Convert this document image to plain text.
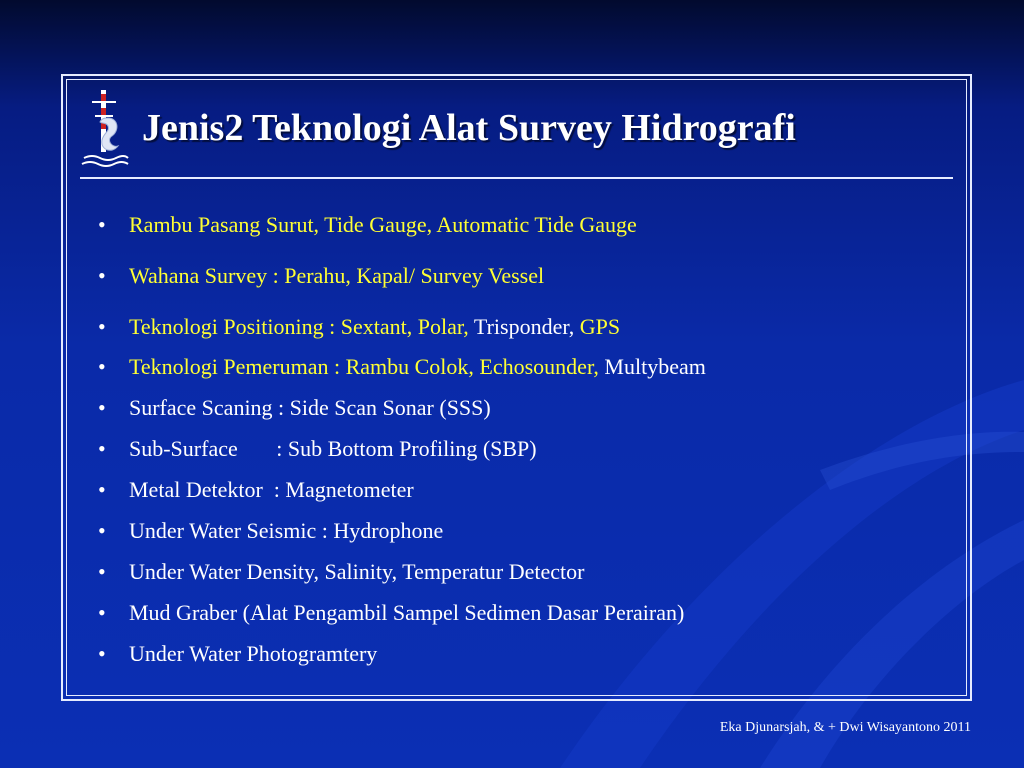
Jenis2 Teknologi Alat Survey Hidrografi
• Rambu Pasang Surut, Tide Gauge, Automatic Tide Gauge
• Wahana Survey : Perahu, Kapal/ Survey Vessel
• Teknologi Positioning : Sextant, Polar, Trisponder, GPS
• Teknologi Pemeruman : Rambu Colok, Echosounder, Multybeam
• Surface Scaning : Side Scan Sonar (SSS)
• Sub-Surface       : Sub Bottom Profiling (SBP)
• Metal Detektor  : Magnetometer
• Under Water Seismic : Hydrophone
• Under Water Density, Salinity, Temperatur Detector
• Mud Graber (Alat Pengambil Sampel Sedimen Dasar Perairan)
• Under Water Photogramtery
Eka Djunarsjah, & + Dwi Wisayantono 2011
